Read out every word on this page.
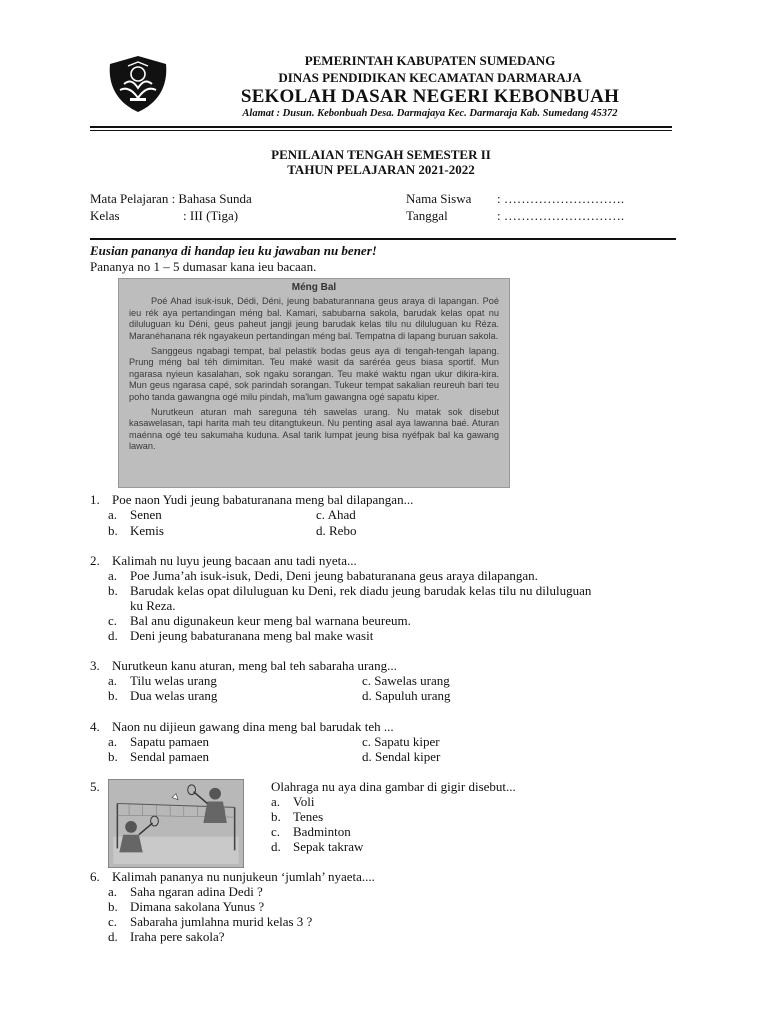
PEMERINTAH KABUPATEN SUMEDANG
DINAS PENDIDIKAN KECAMATAN DARMARAJA
SEKOLAH DASAR NEGERI KEBONBUAH
Alamat : Dusun. Kebonbuah Desa. Darmajaya Kec. Darmaraja Kab. Sumedang 45372
PENILAIAN TENGAH SEMESTER II
TAHUN PELAJARAN 2021-2022
Mata Pelajaran : Bahasa Sunda
Kelas	: III (Tiga)
Nama Siswa : ……………………….
Tanggal	: ……………………….
Eusian pananya di handap ieu ku jawaban nu bener!
Pananya no 1 – 5 dumasar kana ieu bacaan.
Méng Bal

Poé Ahad isuk-isuk, Dédi, Déni, jeung babaturannana geus araya di lapangan. Poé ieu rék aya pertandingan méng bal. Kamari, sabubarna sakola, barudak kelas opat nu diluluguan ku Déni, geus paheut jangji jeung barudak kelas tilu nu diluluguan ku Réza. Maranéhanana rék ngayakeun pertandingan méng bal. Tempatna di lapang buruan sakola.

Sanggeus ngabagi tempat, bal pelastik bodas geus aya di tengah-tengah lapang. Prung méng bal téh dimimitan. Teu maké wasit da saréréa geus biasa sportif. Mun ngarasa nyieun kasalahan, sok ngaku sorangan. Teu maké waktu ngan ukur dikira-kira. Mun geus ngarasa capé, sok parindah sorangan. Tukeur tempat sakalian reureuh bari teu poho tanda gawangna ogé milu pindah, ma'lum gawangna ogé sapatu kiper.

Nurutkeun aturan mah sareguna téh sawelas urang. Nu matak sok disebut kasawelasan, tapi harita mah teu ditangtukeun. Nu penting asal aya lawanna baé. Aturan maénna ogé teu sakumaha kuduna. Asal tarik lumpat jeung bisa nyéfpak bal ka gawang lawan.

1. Poe naon Yudi jeung babaturanana meng bal dilapangan...
a. Senen
b. Kemis
c. Ahad
d. Rebo
2. Kalimah nu luyu jeung bacaan anu tadi nyeta...
a. Poe Juma’ah isuk-isuk, Dedi, Deni jeung babaturanana geus araya dilapangan.
b. Barudak kelas opat diluluguan ku Deni, rek diadu jeung barudak kelas tilu nu diluluguan
ku Reza.
c. Bal anu digunakeun keur meng bal warnana beureum.
d. Deni jeung babaturanana meng bal make wasit
3. Nurutkeun kanu aturan, meng bal teh sabaraha urang...
a. Tilu welas urang
b. Dua welas urang
c. Sawelas urang
d. Sapuluh urang
4. Naon nu dijieun gawang dina meng bal barudak teh ...
a. Sapatu pamaen
b. Sendal pamaen
c. Sapatu kiper
d. Sendal kiper
5.	Olahraga nu aya dina gambar di gigir disebut...
a. Voli
b. Tenes
c. Badminton
d. Sepak takraw
6. Kalimah pananya nu nunjukeun ‘jumlah’ nyaeta....
a. Saha ngaran adina Dedi ?
b. Dimana sakolana Yunus ?
c. Sabaraha jumlahna murid kelas 3 ?
d. Iraha pere sakola?
